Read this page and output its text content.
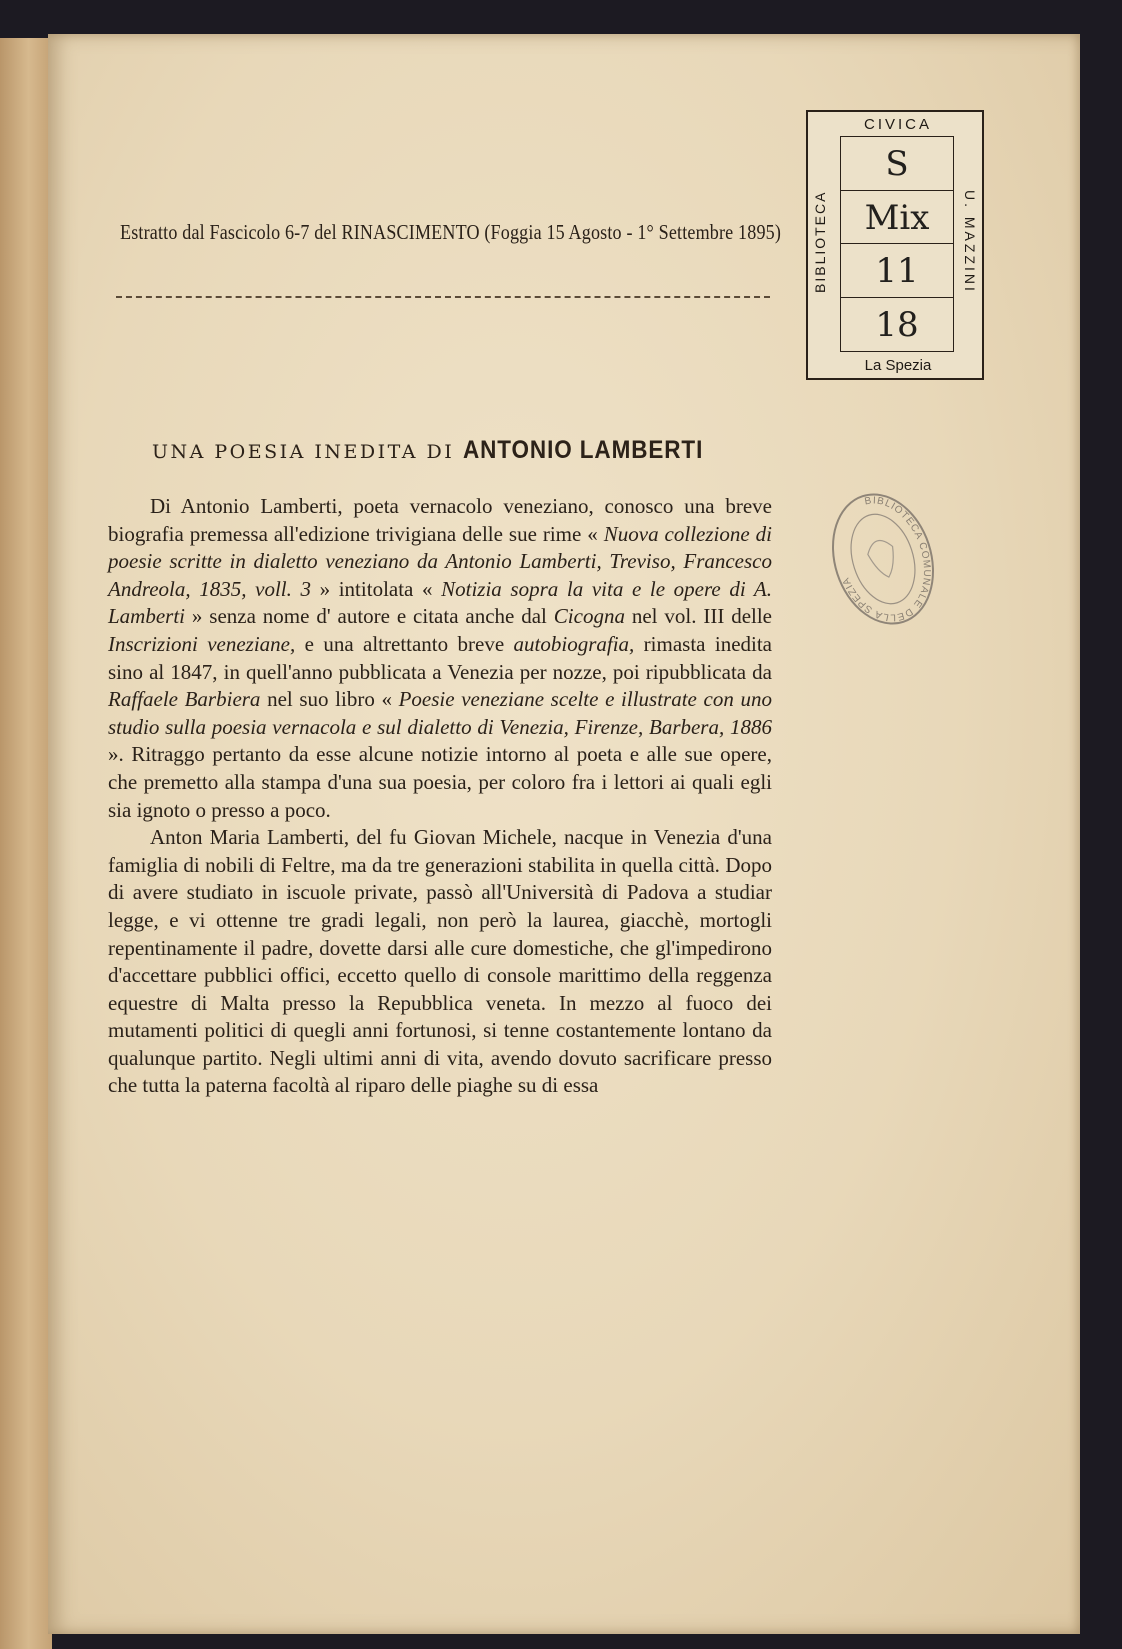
Estratto dal Fascicolo 6-7 del RINASCIMENTO (Foggia 15 Agosto - 1° Settembre 1895)
CIVICA
BIBLIOTECA	U. MAZZINI
S
Mix
11
18
La Spezia
BIBLIOTECA COMUNALE DELLA SPEZIA
UNA POESIA INEDITA DI ANTONIO LAMBERTI

Di Antonio Lamberti, poeta vernacolo veneziano, conosco una breve biografia premessa all'edizione trivigiana delle sue rime « Nuova collezione di poesie scritte in dialetto veneziano da Antonio Lamberti, Treviso, Francesco Andreola, 1835, voll. 3 » intitolata « Notizia sopra la vita e le opere di A. Lamberti » senza nome d' autore e citata anche dal Cicogna nel vol. III delle Inscrizioni veneziane, e una altrettanto breve autobiografia, rimasta inedita sino al 1847, in quell'anno pubblicata a Venezia per nozze, poi ripubblicata da Raffaele Barbiera nel suo libro « Poesie veneziane scelte e illustrate con uno studio sulla poesia vernacola e sul dialetto di Venezia, Firenze, Barbera, 1886 ». Ritraggo pertanto da esse alcune notizie intorno al poeta e alle sue opere, che premetto alla stampa d'una sua poesia, per coloro fra i lettori ai quali egli sia ignoto o presso a poco.

Anton Maria Lamberti, del fu Giovan Michele, nacque in Venezia d'una famiglia di nobili di Feltre, ma da tre generazioni stabilita in quella città. Dopo di avere studiato in iscuole private, passò all'Università di Padova a studiar legge, e vi ottenne tre gradi legali, non però la laurea, giacchè, mortogli repentinamente il padre, dovette darsi alle cure domestiche, che gl'impedirono d'accettare pubblici offici, eccetto quello di console marittimo della reggenza equestre di Malta presso la Repubblica veneta. In mezzo al fuoco dei mutamenti politici di quegli anni fortunosi, si tenne costantemente lontano da qualunque partito. Negli ultimi anni di vita, avendo dovuto sacrificare presso che tutta la paterna facoltà al riparo delle piaghe su di essa
